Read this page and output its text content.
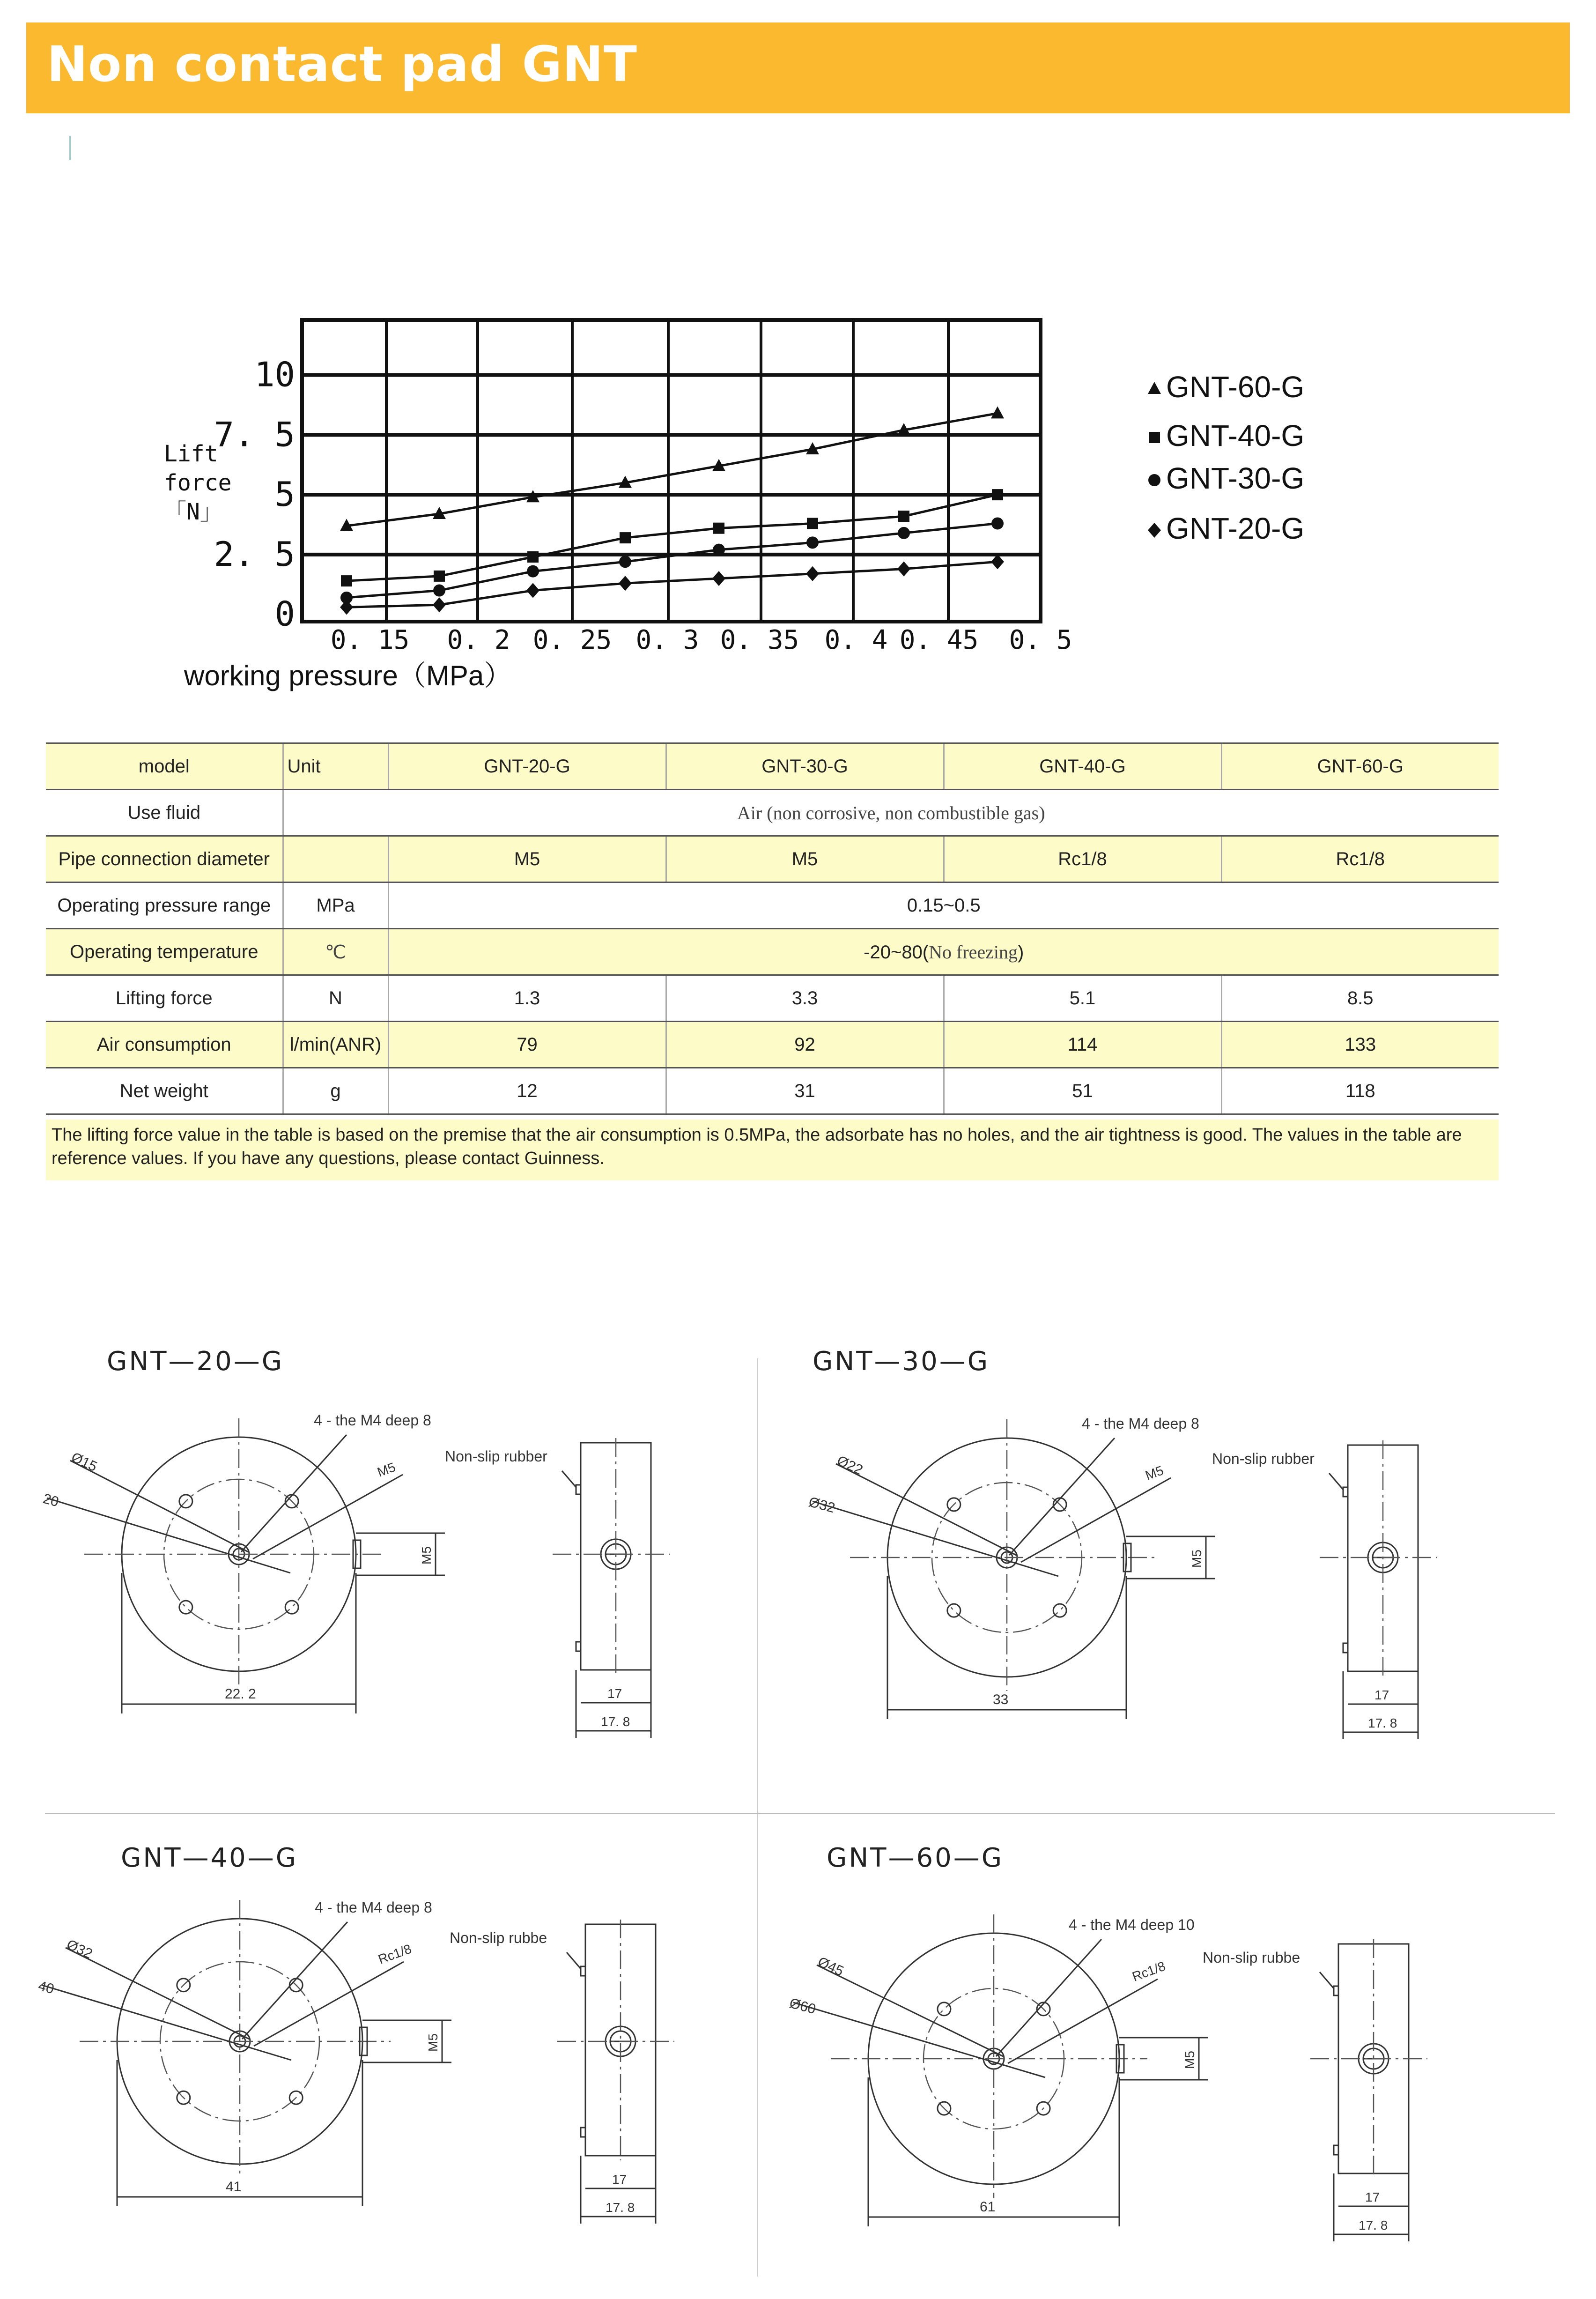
Non contact pad GNT
0. 15 0. 2 0. 25 0. 3 0. 35 0. 4 0. 45 0. 5
0
2. 5
5
7. 5
10
Lift
force
「N」
working pressure（MPa）
GNT-60-G
GNT-40-G
GNT-30-G
GNT-20-G
model	Unit	GNT-20-G	GNT-30-G	GNT-40-G	GNT-60-G
Use fluid	Air (non corrosive, non combustible gas)				
Pipe connection diameter		M5	M5	Rc1/8	Rc1/8
Operating pressure range	MPa	0.15~0.5			
Operating temperature	℃	-20~80(No freezing)			
Lifting force	N	1.3	3.3	5.1	8.5
Air consumption	l/min(ANR)	79	92	114	133
Net weight	g	12	31	51	118
The lifting force value in the table is based on the premise that the air consumption is 0.5MPa, the adsorbate has no holes, and the air tightness is good. The values in the table are reference values. If you have any questions, please contact Guinness.
GNT—20—G
22. 2
M5
4 - the M4 deep 8
M5
Ø15
20
Non-slip rubber
17
17. 8
GNT—30—G
33
M5
4 - the M4 deep 8
M5
Ø22
Ø32
Non-slip rubber
17
17. 8
GNT—40—G
41
M5
4 - the M4 deep 8
Rc1/8
Ø32
40
Non-slip rubbe
17
17. 8
GNT—60—G
61
M5
4 - the M4 deep 10
Rc1/8
Ø45
Ø60
Non-slip rubbe
17
17. 8
